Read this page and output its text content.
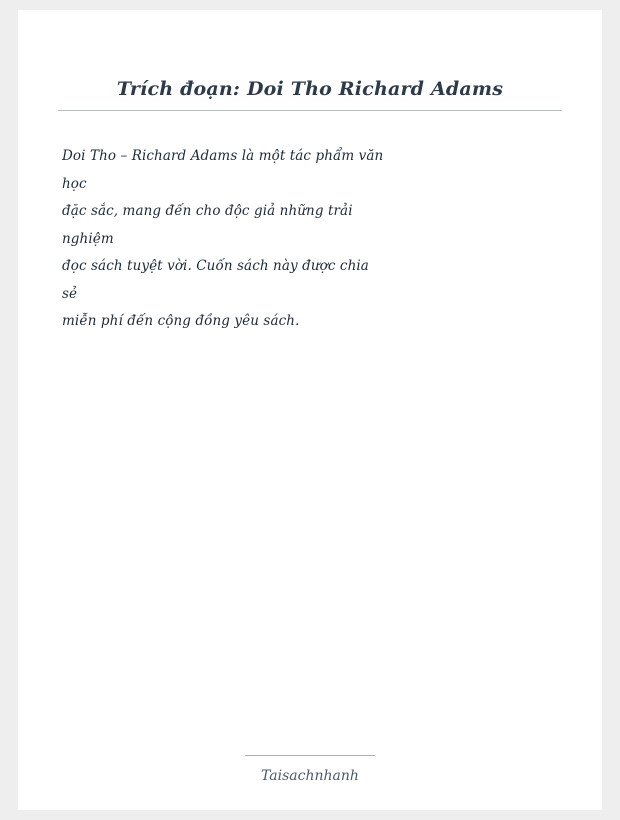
Trích đoạn: Doi Tho Richard Adams
Doi Tho – Richard Adams là một tác phẩm văn
học
đặc sắc, mang đến cho độc giả những trải
nghiệm
đọc sách tuyệt vời. Cuốn sách này được chia
sẻ
miễn phí đến cộng đồng yêu sách.
Taisachnhanh
